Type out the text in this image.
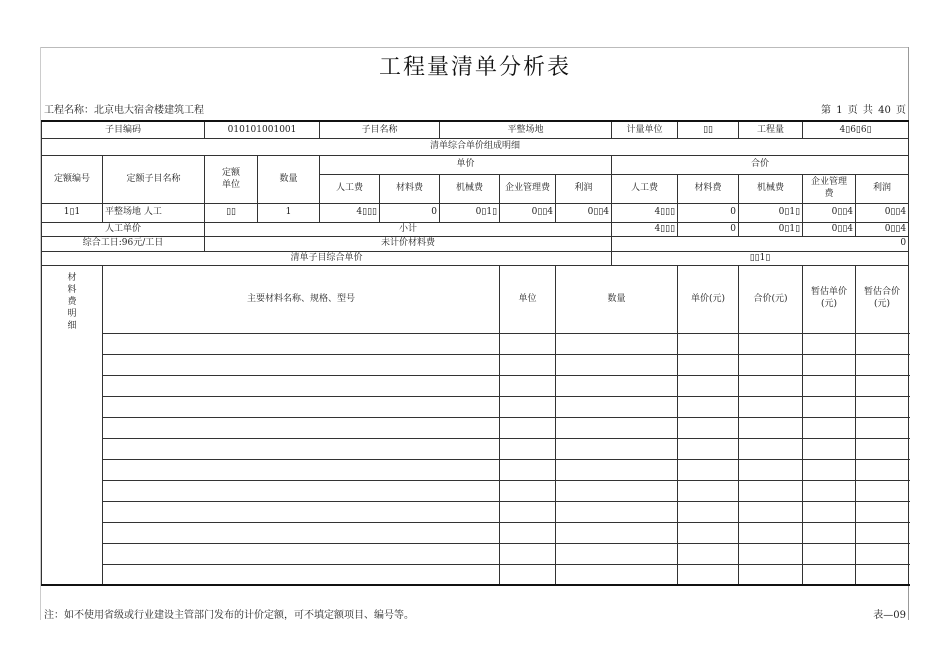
工程量清单分析表
工程名称：北京电大宿舍楼建筑工程	第 1 页 共 40 页
子目编码		010101001001		子目名称		平整场地			计量单位	▯▯	工程量	4▯6▯6▯	
清单综合单价组成明细													
定额编号	定额子目名称	定额单位	数量	单价					合价				
				人工费	材料费	机械费	企业管理费	利润	人工费	材料费	机械费	企业管理费	利润
1▯1	平整场地 人工	▯▯	1	4▯▯▯	0	0▯1▯	0▯▯4	0▯▯4	4▯▯▯	0	0▯1▯	0▯▯4	0▯▯4
人工单价		小计							4▯▯▯	0	0▯1▯	0▯▯4	0▯▯4
综合工日:96元/工日		未计价材料费							0				
清单子目综合单价									▯▯1▯				
材料费明细	主要材料名称、规格、型号						单位	数量		单价(元)	合价(元)	暂估单价(元)	暂估合价(元)

注：如不使用省级或行业建设主管部门发布的计价定额，可不填定额项目、编号等。	表—09
